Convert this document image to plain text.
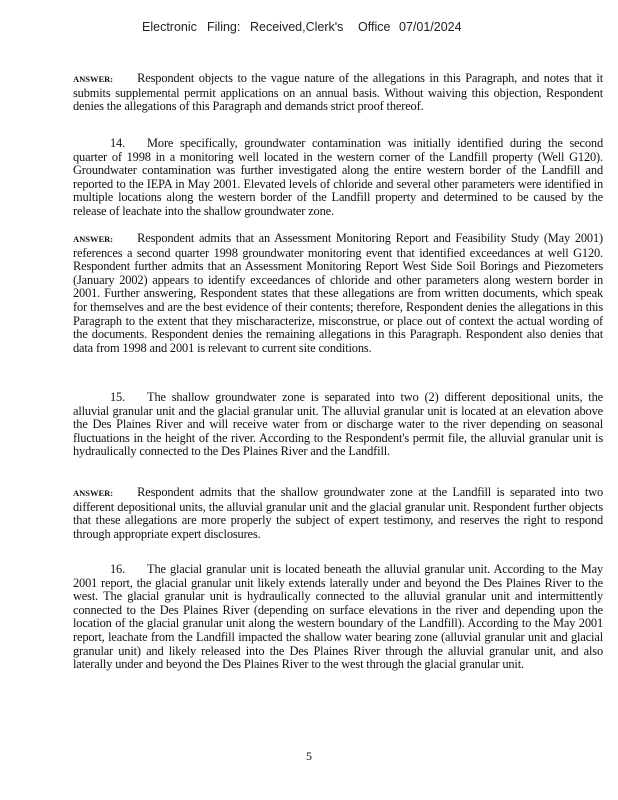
Electronic Filing: Received,Clerk's Office 07/01/2024
ANSWER: Respondent objects to the vague nature of the allegations in this Paragraph, and notes that it submits supplemental permit applications on an annual basis. Without waiving this objection, Respondent denies the allegations of this Paragraph and demands strict proof thereof.
14. More specifically, groundwater contamination was initially identified during the second quarter of 1998 in a monitoring well located in the western corner of the Landfill property (Well G120). Groundwater contamination was further investigated along the entire western border of the Landfill and reported to the IEPA in May 2001. Elevated levels of chloride and several other parameters were identified in multiple locations along the western border of the Landfill property and determined to be caused by the release of leachate into the shallow groundwater zone.
ANSWER: Respondent admits that an Assessment Monitoring Report and Feasibility Study (May 2001) references a second quarter 1998 groundwater monitoring event that identified exceedances at well G120. Respondent further admits that an Assessment Monitoring Report West Side Soil Borings and Piezometers (January 2002) appears to identify exceedances of chloride and other parameters along western border in 2001. Further answering, Respondent states that these allegations are from written documents, which speak for themselves and are the best evidence of their contents; therefore, Respondent denies the allegations in this Paragraph to the extent that they mischaracterize, misconstrue, or place out of context the actual wording of the documents. Respondent denies the remaining allegations in this Paragraph. Respondent also denies that data from 1998 and 2001 is relevant to current site conditions.
15. The shallow groundwater zone is separated into two (2) different depositional units, the alluvial granular unit and the glacial granular unit. The alluvial granular unit is located at an elevation above the Des Plaines River and will receive water from or discharge water to the river depending on seasonal fluctuations in the height of the river. According to the Respondent's permit file, the alluvial granular unit is hydraulically connected to the Des Plaines River and the Landfill.
ANSWER: Respondent admits that the shallow groundwater zone at the Landfill is separated into two different depositional units, the alluvial granular unit and the glacial granular unit. Respondent further objects that these allegations are more properly the subject of expert testimony, and reserves the right to respond through appropriate expert disclosures.
16. The glacial granular unit is located beneath the alluvial granular unit. According to the May 2001 report, the glacial granular unit likely extends laterally under and beyond the Des Plaines River to the west. The glacial granular unit is hydraulically connected to the alluvial granular unit and intermittently connected to the Des Plaines River (depending on surface elevations in the river and depending upon the location of the glacial granular unit along the western boundary of the Landfill). According to the May 2001 report, leachate from the Landfill impacted the shallow water bearing zone (alluvial granular unit and glacial granular unit) and likely released into the Des Plaines River through the alluvial granular unit, and also laterally under and beyond the Des Plaines River to the west through the glacial granular unit.
5
